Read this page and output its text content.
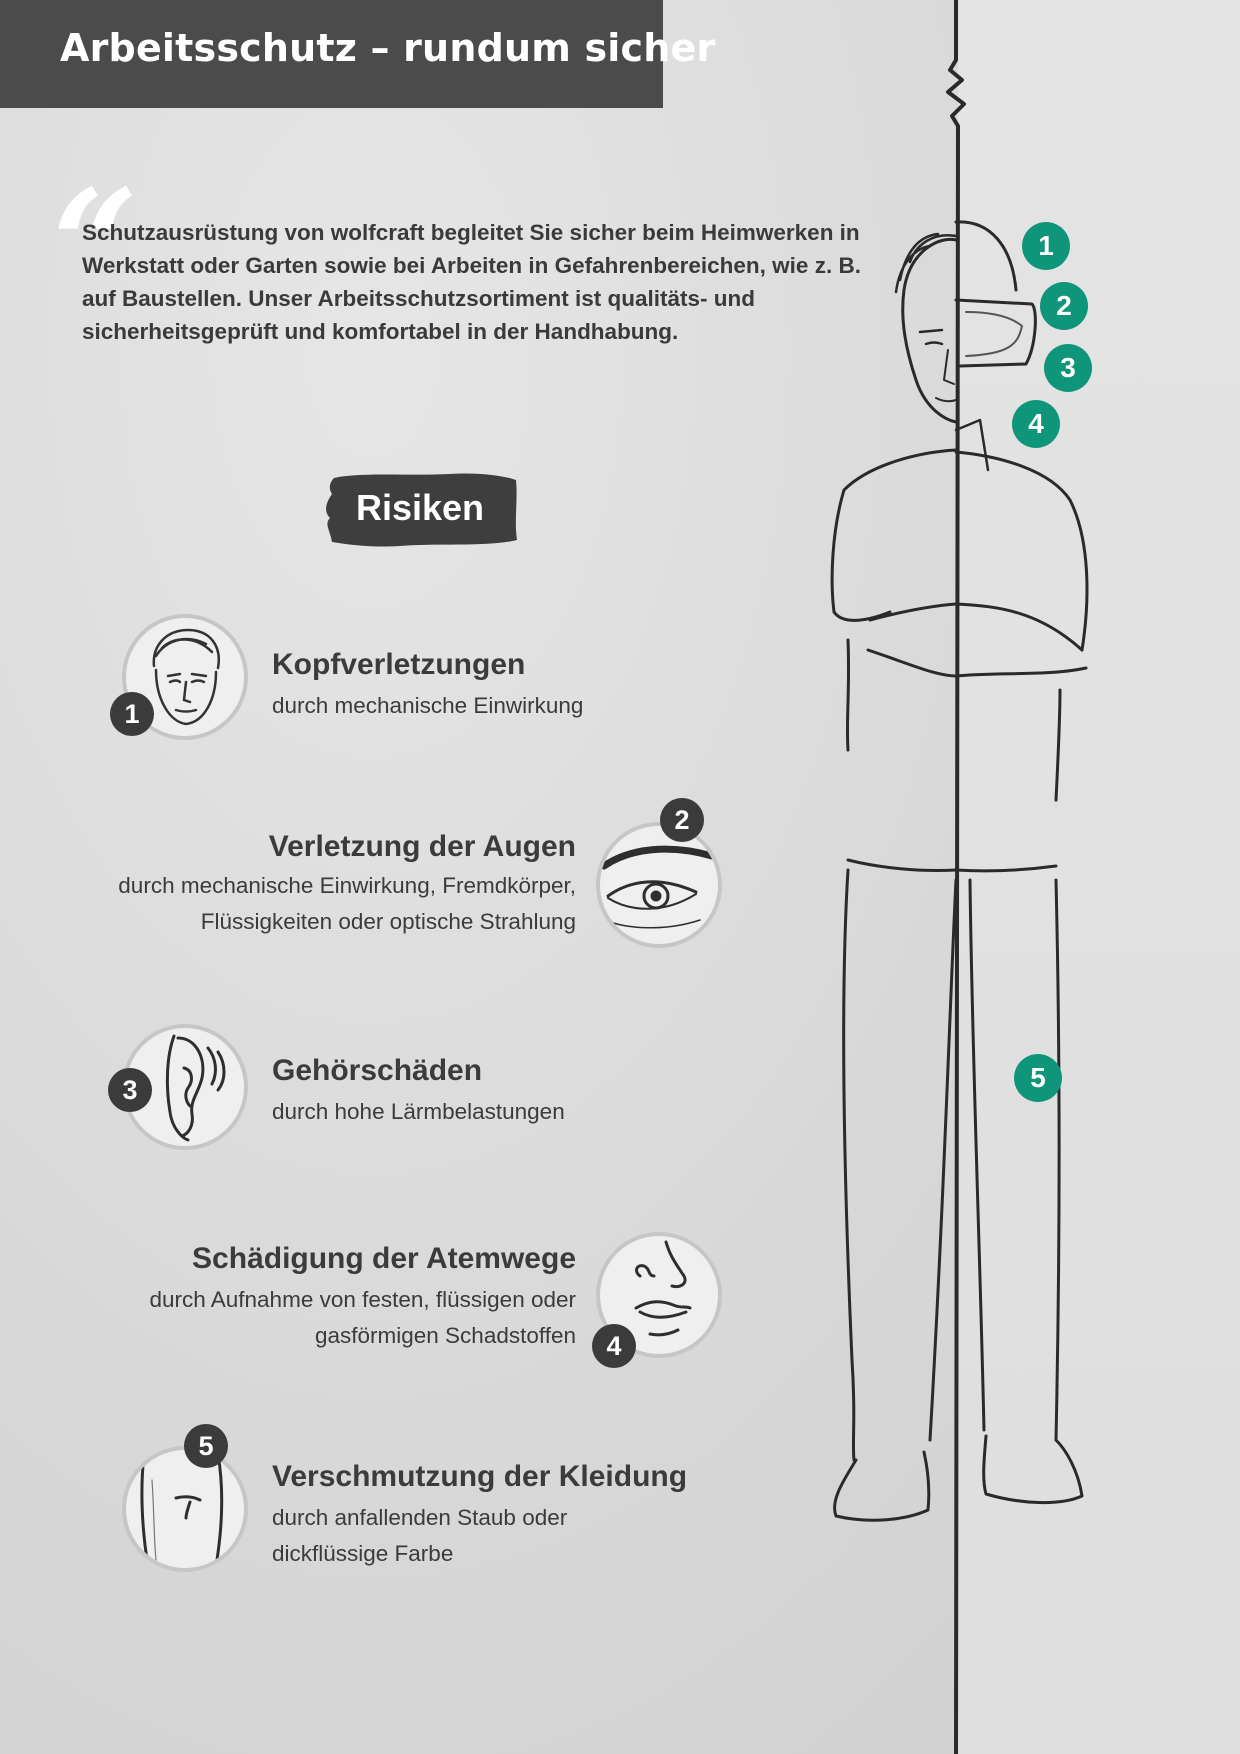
Arbeitsschutz – rundum sicher
“

Schutzausrüstung von wolfcraft begleitet Sie sicher beim Heimwerken in Werkstatt oder Garten sowie bei Arbeiten in Gefahrenbereichen, wie z. B. auf Baustellen. Unser Arbeitsschutzsortiment ist qualitäts- und sicherheitsgeprüft und komfortabel in der Handhabung.

Risiken
1
Kopfverletzungen

durch mechanische Einwirkung

2
Verletzung der Augen

durch mechanische Einwirkung, Fremdkörper, Flüssigkeiten oder optische Strahlung

3
Gehörschäden

durch hohe Lärmbelastungen

4
Schädigung der Atemwege

durch Aufnahme von festen, flüssigen oder gasförmigen Schadstoffen

5
Verschmutzung der Kleidung

durch anfallenden Staub oder dickflüssige Farbe

1
2
3
4
5
